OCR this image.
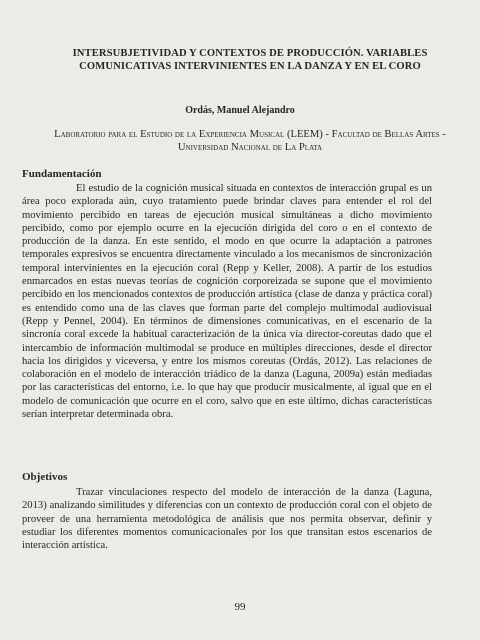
INTERSUBJETIVIDAD Y CONTEXTOS DE PRODUCCIÓN. VARIABLES COMUNICATIVAS INTERVINIENTES EN LA DANZA Y EN EL CORO
Ordás, Manuel Alejandro
Laboratorio para el Estudio de la Experiencia Musical (LEEM) - Facultad de Bellas Artes - Universidad Nacional de La Plata
Fundamentación

El estudio de la cognición musical situada en contextos de interacción grupal es un área poco explorada aún, cuyo tratamiento puede brindar claves para entender el rol del movimiento percibido en tareas de ejecución musical simultáneas a dicho movimiento percibido, como por ejemplo ocurre en la ejecución dirigida del coro o en el contexto de producción de la danza. En este sentido, el modo en que ocurre la adaptación a patrones temporales expresivos se encuentra directamente vinculado a los mecanismos de sincronización temporal intervinientes en la ejecución coral (Repp y Keller, 2008). A partir de los estudios enmarcados en estas nuevas teorías de cognición corporeizada se supone que el movimiento percibido en los mencionados contextos de producción artística (clase de danza y práctica coral) es entendido como una de las claves que forman parte del complejo multimodal audiovisual (Repp y Pennel, 2004). En términos de dimensiones comunicativas, en el escenario de la sincronía coral excede la habitual caracterización de la única vía director-coreutas dado que el intercambio de información multimodal se produce en múltiples direcciones, desde el director hacia los dirigidos y viceversa, y entre los mismos coreutas (Ordás, 2012). Las relaciones de colaboración en el modelo de interacción triádico de la danza (Laguna, 2009a) están mediadas por las características del entorno, i.e. lo que hay que producir musicalmente, al igual que en el modelo de comunicación que ocurre en el coro, salvo que en este último, dichas características serían interpretar determinada obra.

Objetivos

Trazar vinculaciones respecto del modelo de interacción de la danza (Laguna, 2013) analizando similitudes y diferencias con un contexto de producción coral con el objeto de proveer de una herramienta metodológica de análisis que nos permita observar, definir y estudiar los diferentes momentos comunicacionales por los que transitan estos escenarios de interacción artística.

99
